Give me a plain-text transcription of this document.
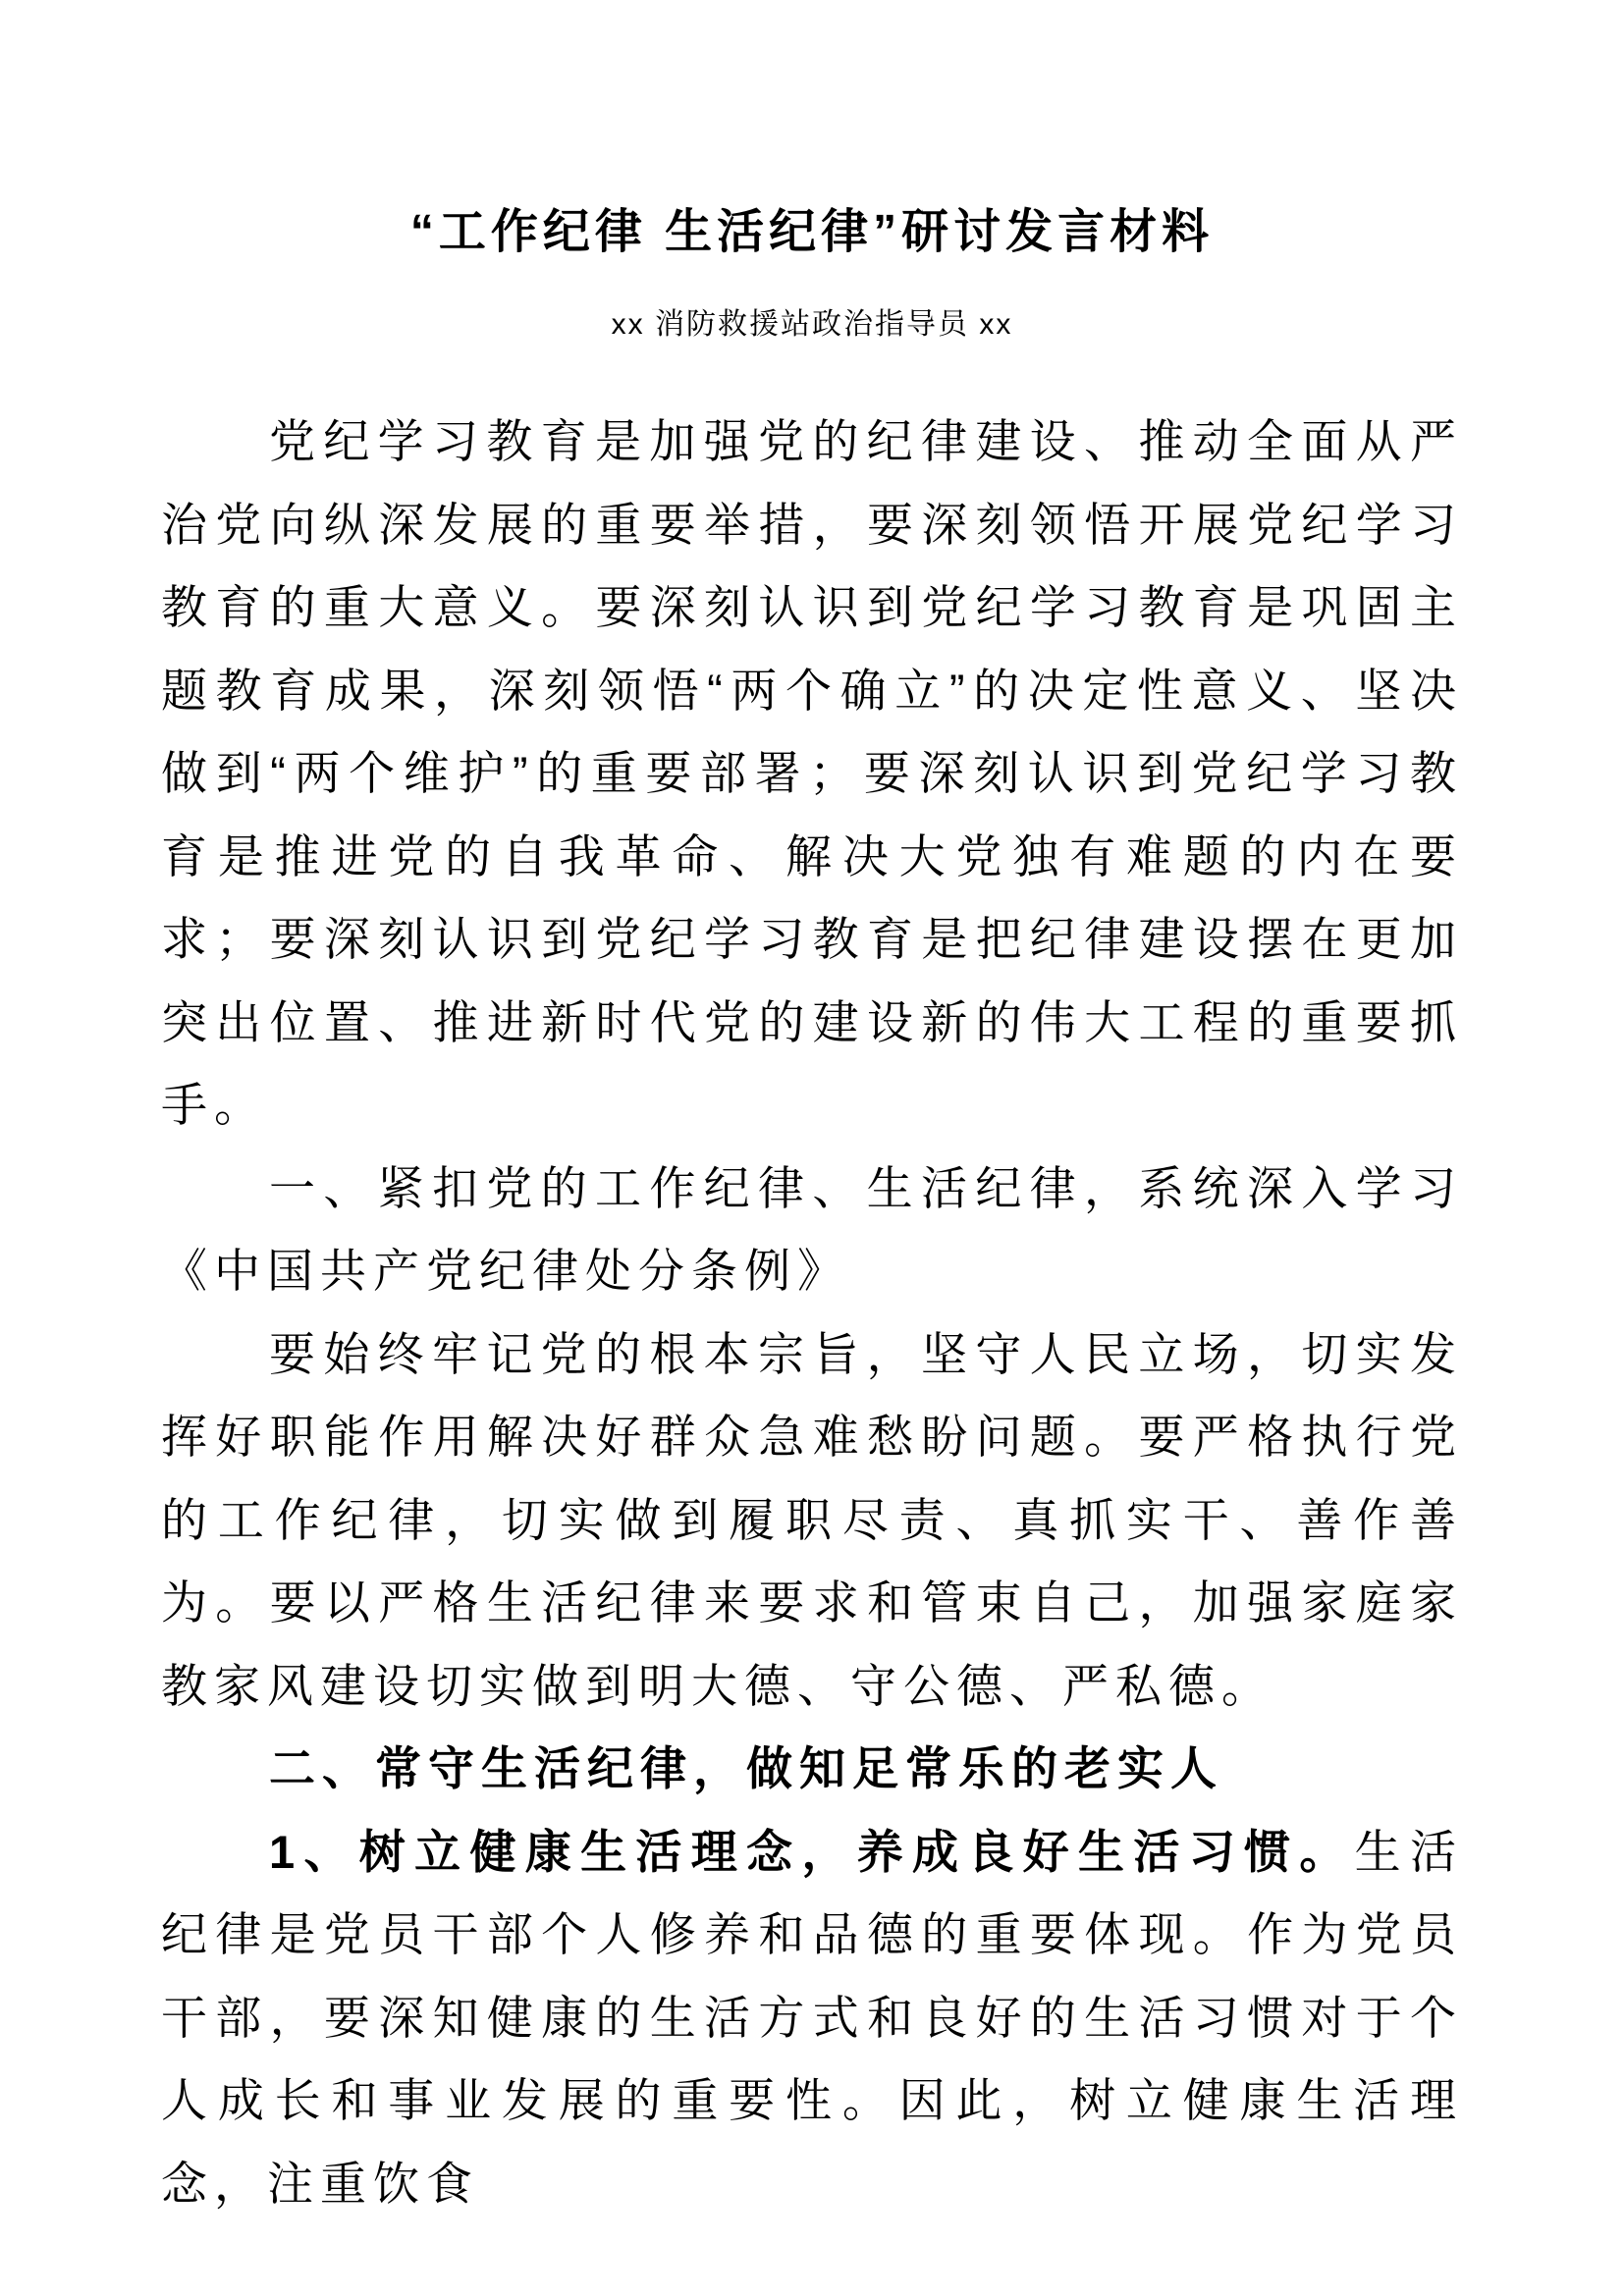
“工作纪律 生活纪律”研讨发言材料
xx 消防救援站政治指导员 xx

党纪学习教育是加强党的纪律建设、推动全面从严治党向纵深发展的重要举措，要深刻领悟开展党纪学习教育的重大意义。要深刻认识到党纪学习教育是巩固主题教育成果，深刻领悟“两个确立”的决定性意义、坚决做到“两个维护”的重要部署；要深刻认识到党纪学习教育是推进党的自我革命、解决大党独有难题的内在要求；要深刻认识到党纪学习教育是把纪律建设摆在更加突出位置、推进新时代党的建设新的伟大工程的重要抓手。

一、紧扣党的工作纪律、生活纪律，系统深入学习《中国共产党纪律处分条例》

要始终牢记党的根本宗旨，坚守人民立场，切实发挥好职能作用解决好群众急难愁盼问题。要严格执行党的工作纪律，切实做到履职尽责、真抓实干、善作善为。要以严格生活纪律来要求和管束自己，加强家庭家教家风建设切实做到明大德、守公德、严私德。

二、常守生活纪律，做知足常乐的老实人

1、树立健康生活理念，养成良好生活习惯。生活纪律是党员干部个人修养和品德的重要体现。作为党员干部，要深知健康的生活方式和良好的生活习惯对于个人成长和事业发展的重要性。因此，树立健康生活理念，注重饮食
